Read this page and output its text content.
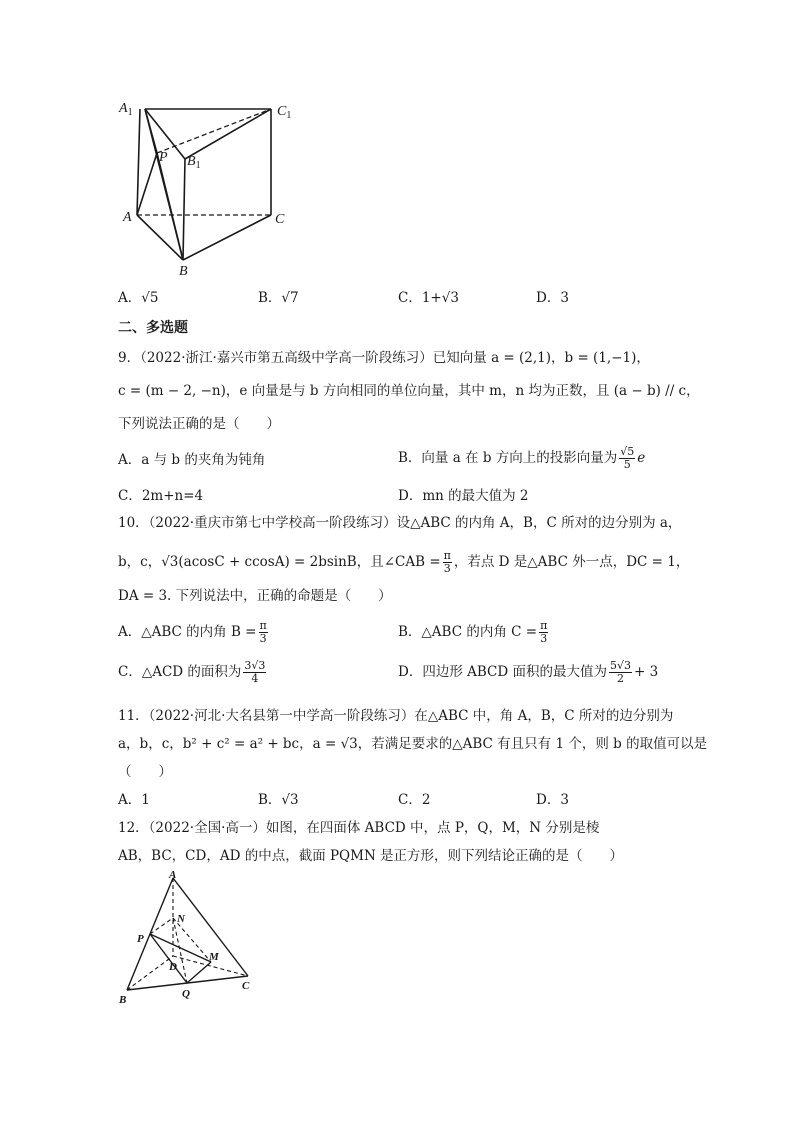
$A_1$	$C_1$
P $B_1$
A	C
B
A．√5	B．√7	C．1+√3	D．3
二、多选题
9．（2022·浙江·嘉兴市第五高级中学高一阶段练习）已知向量 a = (2,1)，b = (1,−1)，
c = (m − 2, −n)，e 向量是与 b 方向相同的单位向量，其中 m，n 均为正数，且 (a − b) // c，
下列说法正确的是（　　）
A．a 与 b 的夹角为钝角	B．向量 a 在 b 方向上的投影向量为 $\frac{√5}{5}$ e
C．2m+n=4	D．mn 的最大值为 2
10．（2022·重庆市第七中学校高一阶段练习）设△ABC 的内角 A，B，C 所对的边分别为 a，
b，c，√3(acosC + ccosA) = 2bsinB，且∠CAB = $\frac{\pi}{3}$ ，若点 D 是△ABC 外一点，DC = 1，
DA = 3. 下列说法中，正确的命题是（　　）
A．△ABC 的内角 $B = \frac{\pi}{3}$	B．△ABC 的内角 $C = \frac{\pi}{3}$
C．△ACD 的面积为 $\frac{3√3}{4}$	D．四边形 ABCD 面积的最大值为 $\frac{5√3}{2} + 3$
11．（2022·河北·大名县第一中学高一阶段练习）在△ABC 中，角 A，B，C 所对的边分别为
a，b，c，b² + c² = a² + bc，a = √3，若满足要求的△ABC 有且只有 1 个，则 b 的取值可以是
（　　）
A．1	B．√3	C．2	D．3
12．（2022·全国·高一）如图，在四面体 ABCD 中，点 P，Q，M，N 分别是棱
AB，BC，CD，AD 的中点，截面 PQMN 是正方形，则下列结论正确的是（　　）
A
N
P
D
M
B	Q
C
